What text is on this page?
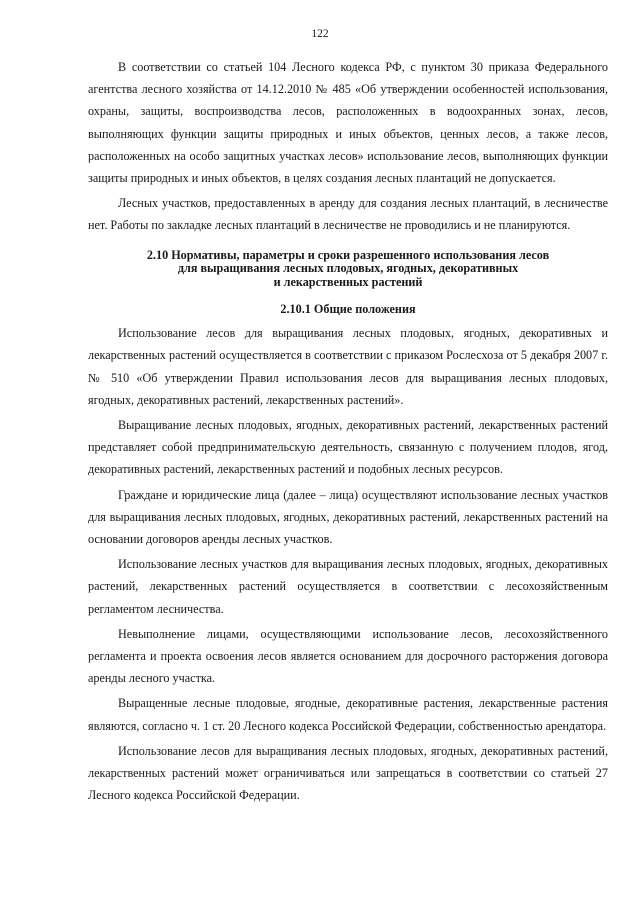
122

В соответствии со статьей 104 Лесного кодекса РФ, с пунктом 30 приказа Федерального агентства лесного хозяйства от 14.12.2010 № 485 «Об утверждении особенностей использования, охраны, защиты, воспроизводства лесов, расположенных в водоохранных зонах, лесов, выполняющих функции защиты природных и иных объектов, ценных лесов, а также лесов, расположенных на особо защитных участках лесов» использование лесов, выполняющих функции защиты природных и иных объектов, в целях создания лесных плантаций не допускается.

Лесных участков, предоставленных в аренду для создания лесных плантаций, в лесничестве нет. Работы по закладке лесных плантаций в лесничестве не проводились и не планируются.

2.10 Нормативы, параметры и сроки разрешенного использования лесов
для выращивания лесных плодовых, ягодных, декоративных
и лекарственных растений
2.10.1 Общие положения

Использование лесов для выращивания лесных плодовых, ягодных, декоративных и лекарственных растений осуществляется в соответствии с приказом Рослесхоза от 5 декабря 2007 г. № 510 «Об утверждении Правил использования лесов для выращивания лесных плодовых, ягодных, декоративных растений, лекарственных растений».

Выращивание лесных плодовых, ягодных, декоративных растений, лекарственных растений представляет собой предпринимательскую деятельность, связанную с получением плодов, ягод, декоративных растений, лекарственных растений и подобных лесных ресурсов.

Граждане и юридические лица (далее – лица) осуществляют использование лесных участков для выращивания лесных плодовых, ягодных, декоративных растений, лекарственных растений на основании договоров аренды лесных участков.

Использование лесных участков для выращивания лесных плодовых, ягодных, декоративных растений, лекарственных растений осуществляется в соответствии с лесохозяйственным регламентом лесничества.

Невыполнение лицами, осуществляющими использование лесов, лесохозяйственного регламента и проекта освоения лесов является основанием для досрочного расторжения договора аренды лесного участка.

Выращенные лесные плодовые, ягодные, декоративные растения, лекарственные растения являются, согласно ч. 1 ст. 20 Лесного кодекса Российской Федерации, собственностью арендатора.

Использование лесов для выращивания лесных плодовых, ягодных, декоративных растений, лекарственных растений может ограничиваться или запрещаться в соответствии со статьей 27 Лесного кодекса Российской Федерации.
